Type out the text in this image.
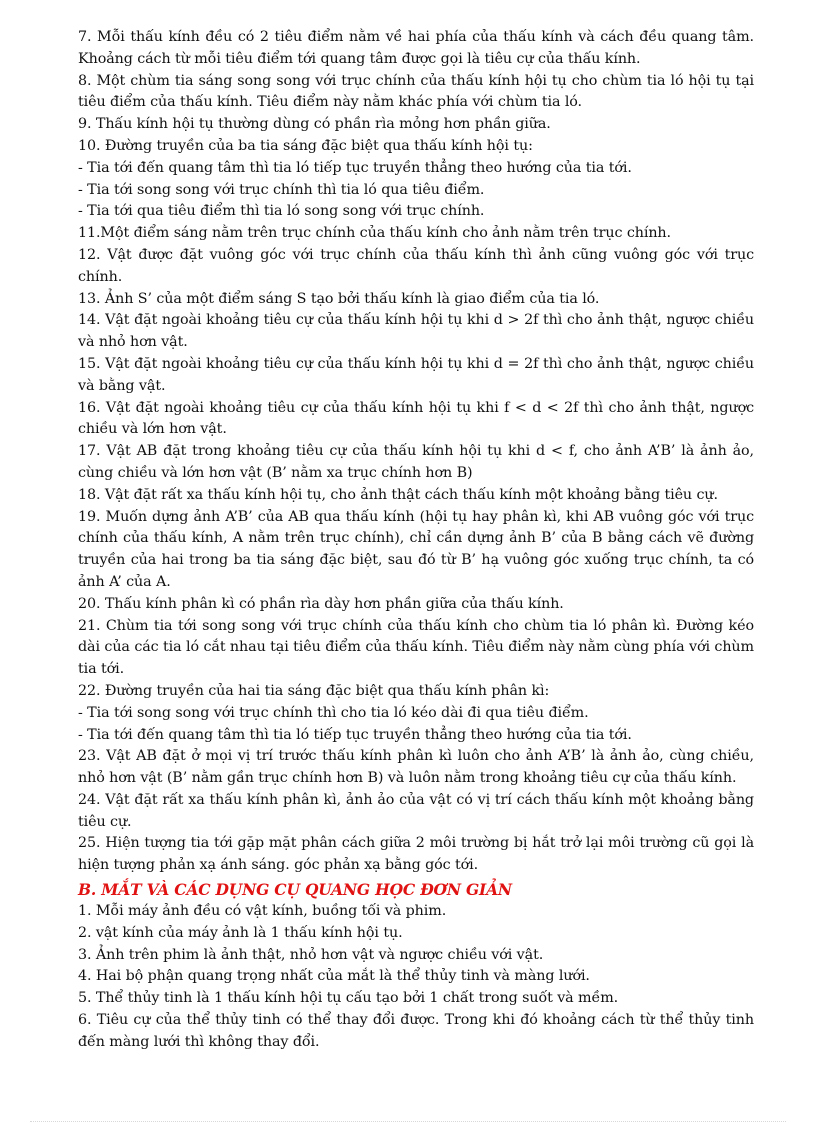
7. Mỗi thấu kính đều có 2 tiêu điểm nằm về hai phía của thấu kính và cách đều quang tâm. Khoảng cách từ mỗi tiêu điểm tới quang tâm được gọi là tiêu cự của thấu kính.

8. Một chùm tia sáng song song với trục chính của thấu kính hội tụ cho chùm tia ló hội tụ tại tiêu điểm của thấu kính. Tiêu điểm này nằm khác phía với chùm tia ló.

9. Thấu kính hội tụ thường dùng có phần rìa mỏng hơn phần giữa.

10. Đường truyền của ba tia sáng đặc biệt qua thấu kính hội tụ:

- Tia tới đến quang tâm thì tia ló tiếp tục truyền thẳng theo hướng của tia tới.

- Tia tới song song với trục chính thì tia ló qua tiêu điểm.

- Tia tới qua tiêu điểm thì tia ló song song với trục chính.

11.Một điểm sáng nằm trên trục chính của thấu kính cho ảnh nằm trên trục chính.

12. Vật được đặt vuông góc với trục chính của thấu kính thì ảnh cũng vuông góc với trục chính.

13. Ảnh S’ của một điểm sáng S tạo bởi thấu kính là giao điểm của tia ló.

14. Vật đặt ngoài khoảng tiêu cự của thấu kính hội tụ khi d > 2f thì cho ảnh thật, ngược chiều và nhỏ hơn vật.

15. Vật đặt ngoài khoảng tiêu cự của thấu kính hội tụ khi d = 2f thì cho ảnh thật, ngược chiều và bằng vật.

16. Vật đặt ngoài khoảng tiêu cự của thấu kính hội tụ khi f < d < 2f thì cho ảnh thật, ngược chiều và lớn hơn vật.

17. Vật AB đặt trong khoảng tiêu cự của thấu kính hội tụ khi d < f, cho ảnh A’B’ là ảnh ảo, cùng chiều và lớn hơn vật (B’ nằm xa trục chính hơn B)

18. Vật đặt rất xa thấu kính hội tụ, cho ảnh thật cách thấu kính một khoảng bằng tiêu cự.

19. Muốn dựng ảnh A’B’ của AB qua thấu kính (hội tụ hay phân kì, khi AB vuông góc với trục chính của thấu kính, A nằm trên trục chính), chỉ cần dựng ảnh B’ của B bằng cách vẽ đường truyền của hai trong ba tia sáng đặc biệt, sau đó từ B’ hạ vuông góc xuống trục chính, ta có ảnh A’ của A.

20. Thấu kính phân kì có phần rìa dày hơn phần giữa của thấu kính.

21. Chùm tia tới song song với trục chính của thấu kính cho chùm tia ló phân kì. Đường kéo dài của các tia ló cắt nhau tại tiêu điểm của thấu kính. Tiêu điểm này nằm cùng phía với chùm tia tới.

22. Đường truyền của hai tia sáng đặc biệt qua thấu kính phân kì:

- Tia tới song song với trục chính thì cho tia ló kéo dài đi qua tiêu điểm.

- Tia tới đến quang tâm thì tia ló tiếp tục truyền thẳng theo hướng của tia tới.

23. Vật AB đặt ở mọi vị trí trước thấu kính phân kì luôn cho ảnh A’B’ là ảnh ảo, cùng chiều, nhỏ hơn vật (B’ nằm gần trục chính hơn B) và luôn nằm trong khoảng tiêu cự của thấu kính.

24. Vật đặt rất xa thấu kính phân kì, ảnh ảo của vật có vị trí cách thấu kính một khoảng bằng tiêu cự.

25. Hiện tượng tia tới gặp mặt phân cách giữa 2 môi trường bị hắt trở lại môi trường cũ gọi là hiện tượng phản xạ ánh sáng. góc phản xạ bằng góc tới.

B. MẮT VÀ CÁC DỤNG CỤ QUANG HỌC ĐƠN GIẢN

1. Mỗi máy ảnh đều có vật kính, buồng tối và phim.

2. vật kính của máy ảnh là 1 thấu kính hội tụ.

3. Ảnh trên phim là ảnh thật, nhỏ hơn vật và ngược chiều với vật.

4. Hai bộ phận quang trọng nhất của mắt là thể thủy tinh và màng lưới.

5. Thể thủy tinh là 1 thấu kính hội tụ cấu tạo bởi 1 chất trong suốt và mềm.

6. Tiêu cự của thể thủy tinh có thể thay đổi được. Trong khi đó khoảng cách từ thể thủy tinh đến màng lưới thì không thay đổi.
